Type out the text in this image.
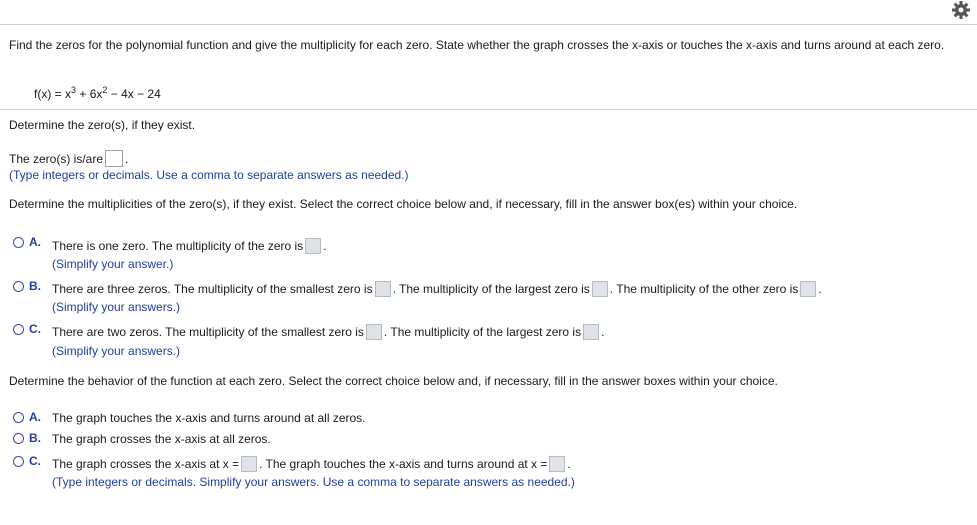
Find the zeros for the polynomial function and give the multiplicity for each zero. State whether the graph crosses the x-axis or touches the x-axis and turns around at each zero.
$f(x) = x^3 + 6x^2 - 4x - 24$
Determine the zero(s), if they exist.
The zero(s) is/are .
(Type integers or decimals. Use a comma to separate answers as needed.)
Determine the multiplicities of the zero(s), if they exist. Select the correct choice below and, if necessary, fill in the answer box(es) within your choice.
A. There is one zero. The multiplicity of the zero is .
(Simplify your answer.)
B. There are three zeros. The multiplicity of the smallest zero is . The multiplicity of the largest zero is . The multiplicity of the other zero is .
(Simplify your answers.)
C. There are two zeros. The multiplicity of the smallest zero is . The multiplicity of the largest zero is .
(Simplify your answers.)
Determine the behavior of the function at each zero. Select the correct choice below and, if necessary, fill in the answer boxes within your choice.
A. The graph touches the x-axis and turns around at all zeros.
B. The graph crosses the x-axis at all zeros.
C. The graph crosses the x-axis at x = . The graph touches the x-axis and turns around at x = .
(Type integers or decimals. Simplify your answers. Use a comma to separate answers as needed.)
